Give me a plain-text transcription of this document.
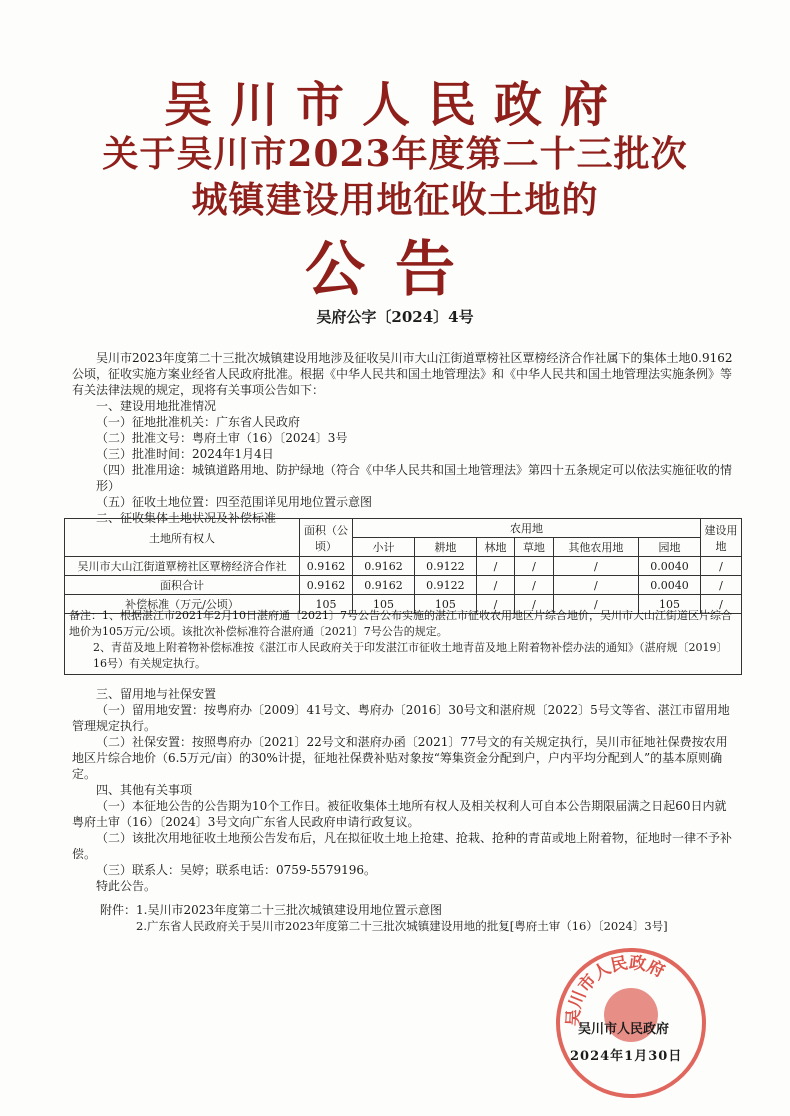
吴川市人民政府
关于吴川市2023年度第二十三批次
城镇建设用地征收土地的
公告
吴府公字〔2024〕4号
吴川市2023年度第二十三批次城镇建设用地涉及征收吴川市大山江街道覃榜社区覃榜经济合作社属下的集体土地0.9162公顷，征收实施方案业经省人民政府批准。根据《中华人民共和国土地管理法》和《中华人民共和国土地管理法实施条例》等有关法律法规的规定，现将有关事项公告如下：
一、建设用地批准情况
（一）征地批准机关：广东省人民政府
（二）批准文号：粤府土审（16）〔2024〕3号
（三）批准时间：2024年1月4日
（四）批准用途：城镇道路用地、防护绿地（符合《中华人民共和国土地管理法》第四十五条规定可以依法实施征收的情形）
（五）征收土地位置：四至范围详见用地位置示意图
二、征收集体土地状况及补偿标准
土地所有权人	面积（公顷）	农用地						建设用地
		小计	耕地	林地	草地	其他农用地	园地	
吴川市大山江街道覃榜社区覃榜经济合作社	0.9162	0.9162	0.9122	/	/	/	0.0040	/
面积合计	0.9162	0.9162	0.9122	/	/	/	0.0040	/
补偿标准（万元/公顷）	105	105	105	/	/	/	105	/
备注：1、根据湛江市2021年2月10日湛府通〔2021〕7号公告公布实施的湛江市征收农用地区片综合地价，吴川市大山江街道区片综合地价为105万元/公顷。该批次补偿标准符合湛府通〔2021〕7号公告的规定。
2、青苗及地上附着物补偿标准按《湛江市人民政府关于印发湛江市征收土地青苗及地上附着物补偿办法的通知》（湛府规〔2019〕16号）有关规定执行。
三、留用地与社保安置
（一）留用地安置：按粤府办〔2009〕41号文、粤府办〔2016〕30号文和湛府规〔2022〕5号文等省、湛江市留用地管理规定执行。
（二）社保安置：按照粤府办〔2021〕22号文和湛府办函〔2021〕77号文的有关规定执行，吴川市征地社保费按农用地区片综合地价（6.5万元/亩）的30%计提，征地社保费补贴对象按“筹集资金分配到户，户内平均分配到人”的基本原则确定。
四、其他有关事项
（一）本征地公告的公告期为10个工作日。被征收集体土地所有权人及相关权利人可自本公告期限届满之日起60日内就粤府土审（16）〔2024〕3号文向广东省人民政府申请行政复议。
（二）该批次用地征收土地预公告发布后，凡在拟征收土地上抢建、抢栽、抢种的青苗或地上附着物，征地时一律不予补偿。
（三）联系人：吴婷；联系电话：0759-5579196。
特此公告。
附件：1.吴川市2023年度第二十三批次城镇建设用地位置示意图
2.广东省人民政府关于吴川市2023年度第二十三批次城镇建设用地的批复[粤府土审（16）〔2024〕3号]
吴川市人民政府
吴川市人民政府
2024年1月30日
